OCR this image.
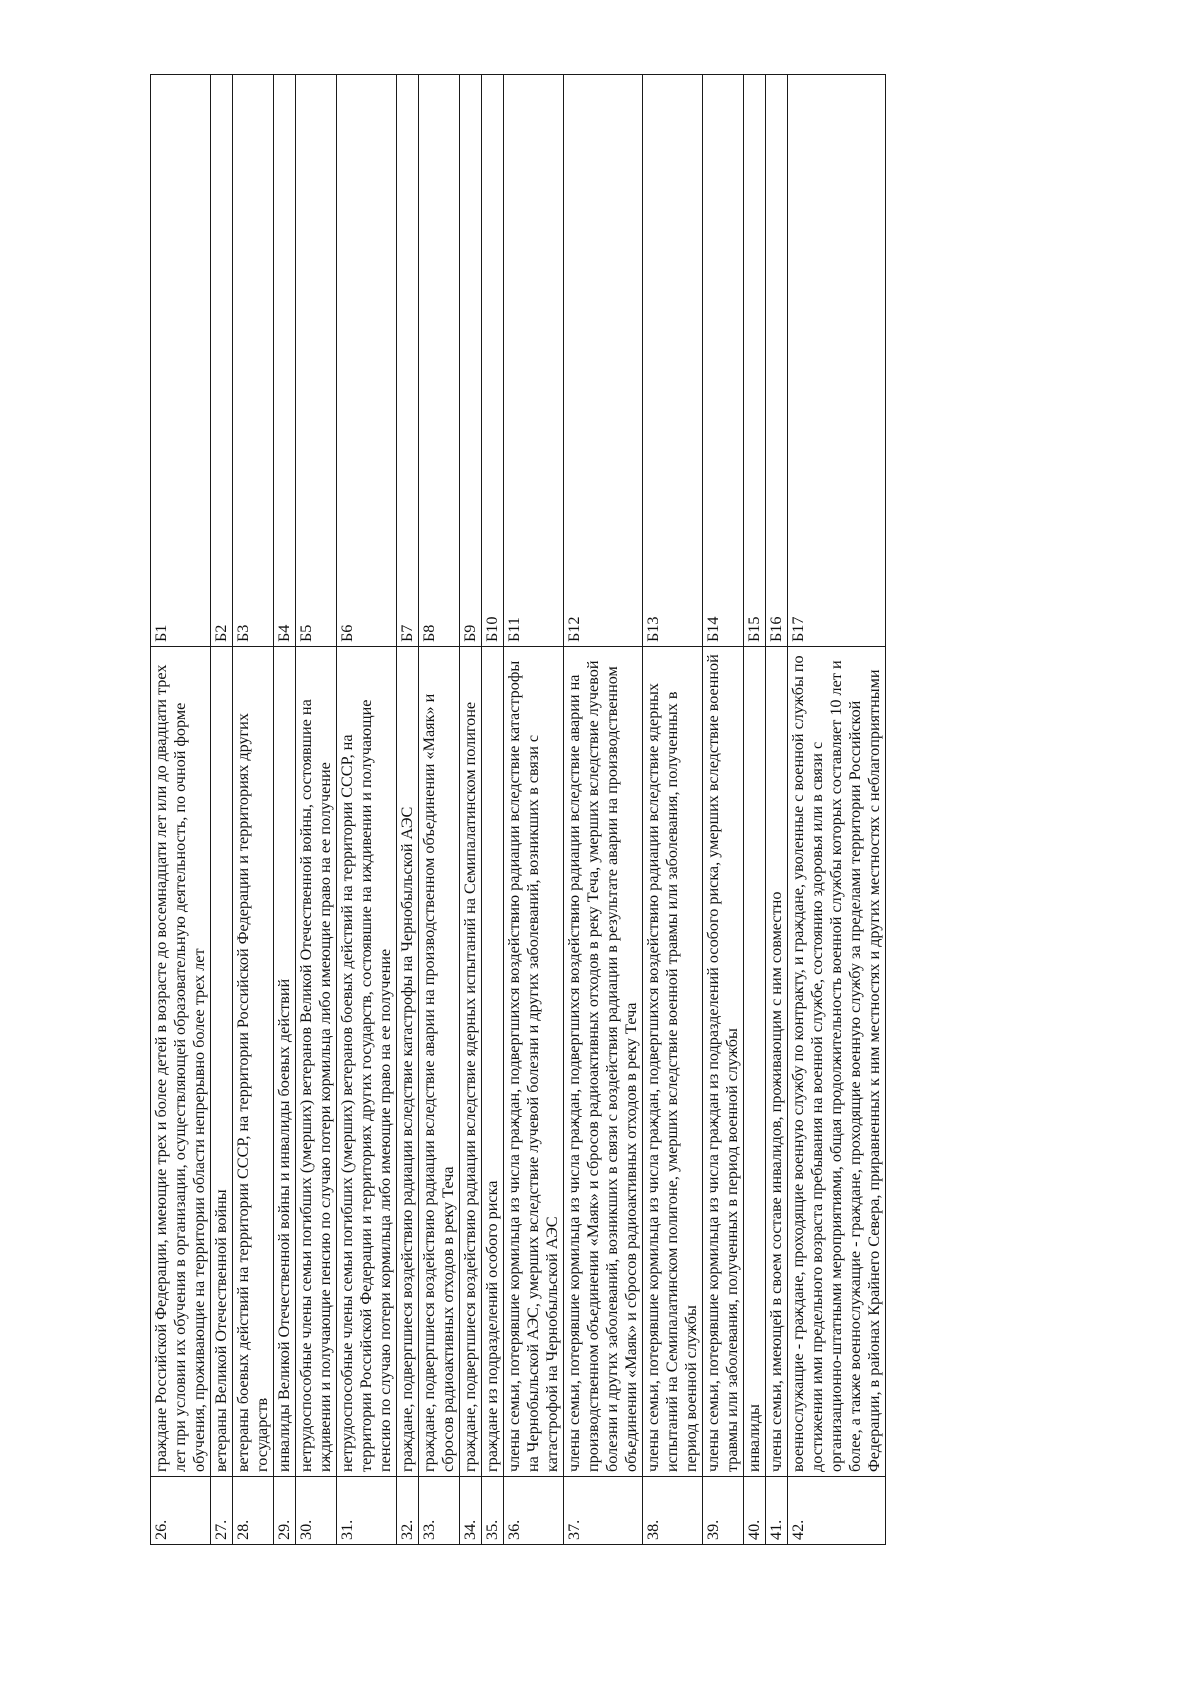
26.	граждане Российской Федерации, имеющие трех и более детей в возрасте до восемнадцати лет или до двадцати трех лет при условии их обучения в организации, осуществляющей образовательную деятельность, по очной форме обучения, проживающие на территории области непрерывно более трех лет	Б1
27.	ветераны Великой Отечественной войны	Б2
28.	ветераны боевых действий на территории СССР, на территории Российской Федерации и территориях других государств	Б3
29.	инвалиды Великой Отечественной войны и инвалиды боевых действий	Б4
30.	нетрудоспособные члены семьи погибших (умерших) ветеранов Великой Отечественной войны, состоявшие на иждивении и получающие пенсию по случаю потери кормильца либо имеющие право на ее получение	Б5
31.	нетрудоспособные члены семьи погибших (умерших) ветеранов боевых действий на территории СССР, на территории Российской Федерации и территориях других государств, состоявшие на иждивении и получающие пенсию по случаю потери кормильца либо имеющие право на ее получение	Б6
32.	граждане, подвергшиеся воздействию радиации вследствие катастрофы на Чернобыльской АЭС	Б7
33.	граждане, подвергшиеся воздействию радиации вследствие аварии на производственном объединении «Маяк» и сбросов радиоактивных отходов в реку Теча	Б8
34.	граждане, подвергшиеся воздействию радиации вследствие ядерных испытаний на Семипалатинском полигоне	Б9
35.	граждане из подразделений особого риска	Б10
36.	члены семьи, потерявшие кормильца из числа граждан, подвергшихся воздействию радиации вследствие катастрофы на Чернобыльской АЭС, умерших вследствие лучевой болезни и других заболеваний, возникших в связи с катастрофой на Чернобыльской АЭС	Б11
37.	члены семьи, потерявшие кормильца из числа граждан, подвергшихся воздействию радиации вследствие аварии на производственном объединении «Маяк» и сбросов радиоактивных отходов в реку Теча, умерших вследствие лучевой болезни и других заболеваний, возникших в связи с воздействия радиации в результате аварии на производственном объединении «Маяк» и сбросов радиоактивных отходов в реку Теча	Б12
38.	члены семьи, потерявшие кормильца из числа граждан, подвергшихся воздействию радиации вследствие ядерных испытаний на Семипалатинском полигоне, умерших вследствие военной травмы или заболевания, полученных в период военной службы	Б13
39.	члены семьи, потерявшие кормильца из числа граждан из подразделений особого риска, умерших вследствие военной травмы или заболевания, полученных в период военной службы	Б14
40.	инвалиды	Б15
41.	члены семьи, имеющей в своем составе инвалидов, проживающим с ним совместно	Б16
42.	военнослужащие - граждане, проходящие военную службу по контракту, и граждане, уволенные с военной службы по достижении ими предельного возраста пребывания на военной службе, состоянию здоровья или в связи с организационно-штатными мероприятиями, общая продолжительность военной службы которых составляет 10 лет и более, а также военнослужащие - граждане, проходящие военную службу за пределами территории Российской Федерации, в районах Крайнего Севера, приравненных к ним местностях и других местностях с неблагоприятными	Б17
